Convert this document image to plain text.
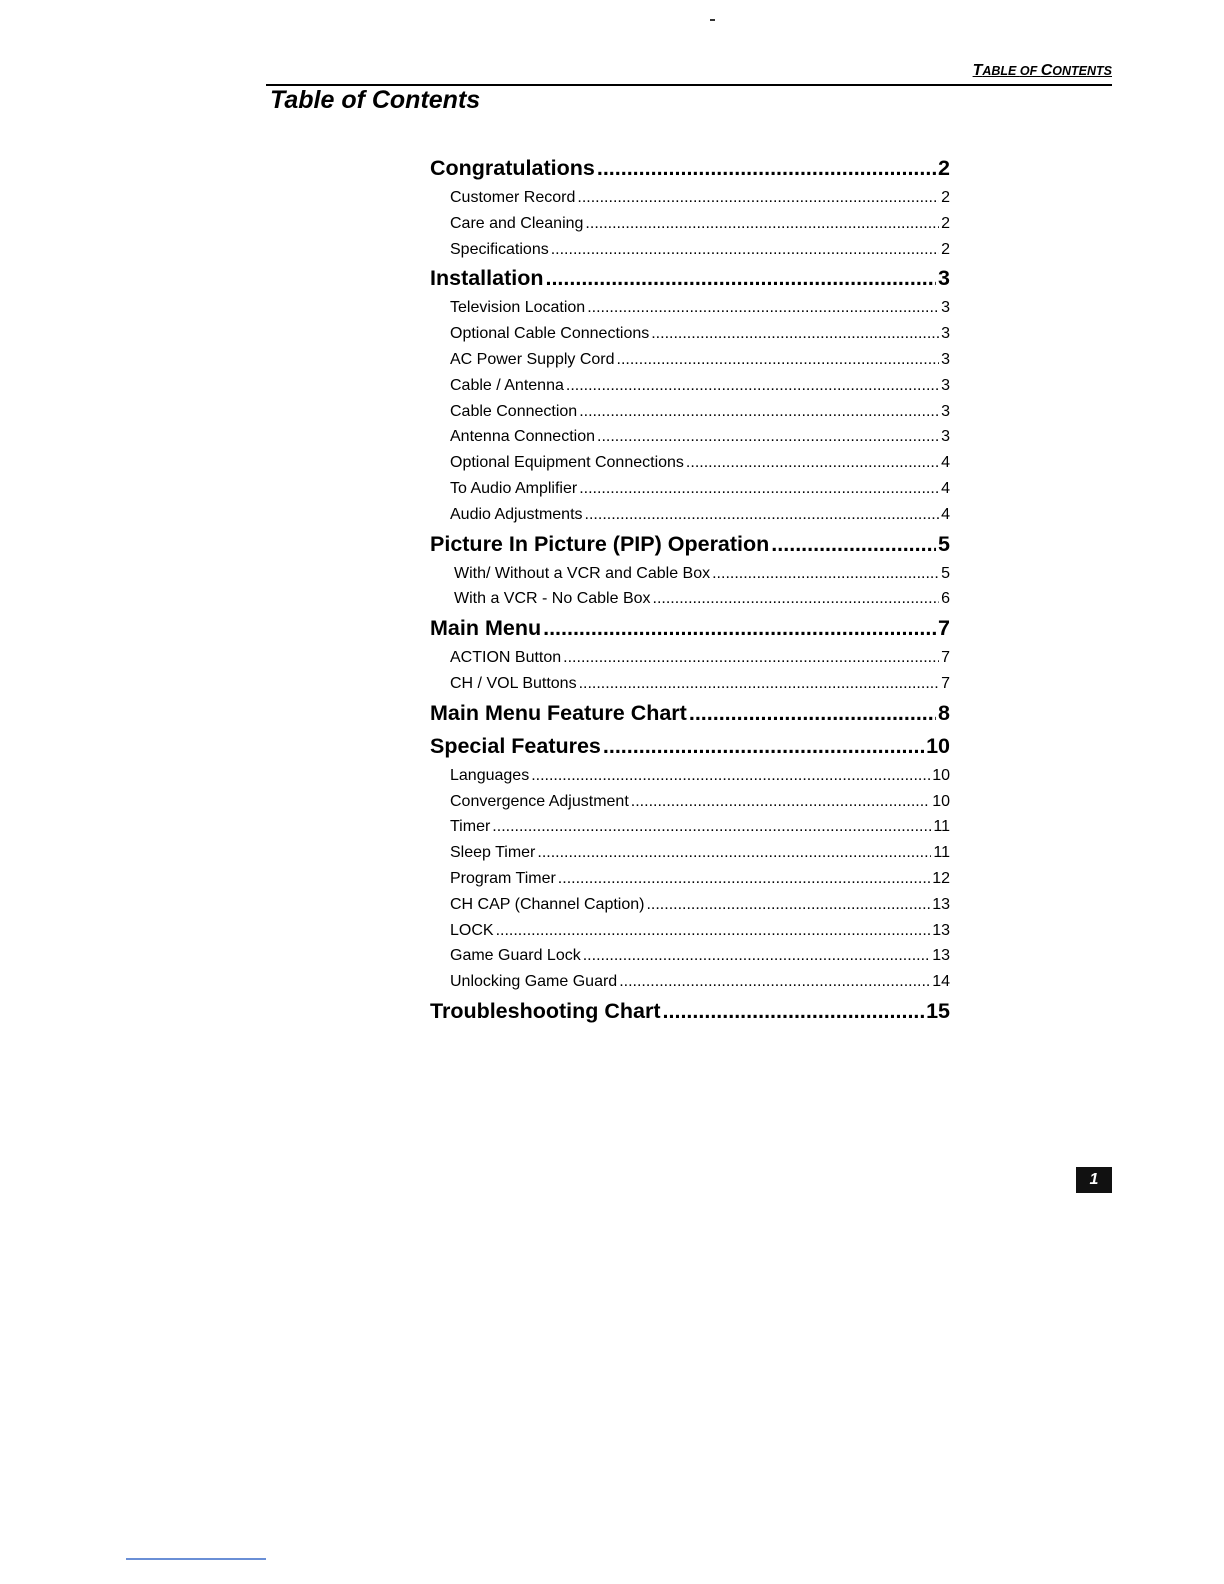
TABLE OF CONTENTS
Table of Contents
Congratulations .....	2
Customer Record .....	2
Care and Cleaning .....	2
Specifications .....	2
Installation .....	3
Television Location .....	3
Optional Cable Connections .....	3
AC Power Supply Cord .....	3
Cable / Antenna .....	3
Cable Connection .....	3
Antenna Connection .....	3
Optional Equipment Connections .....	4
To Audio Amplifier .....	4
Audio Adjustments .....	4
Picture In Picture (PIP) Operation .....	5
With/ Without a VCR and Cable Box .....	5
With a VCR - No Cable Box .....	6
Main Menu .....	7
ACTION Button .....	7
CH / VOL Buttons .....	7
Main Menu Feature Chart .....	8
Special Features .....	10
Languages .....	10
Convergence Adjustment .....	10
Timer .....	11
Sleep Timer .....	11
Program Timer .....	12
CH CAP (Channel Caption) .....	13
LOCK .....	13
Game Guard Lock .....	13
Unlocking Game Guard .....	14
Troubleshooting Chart .....	15
1
